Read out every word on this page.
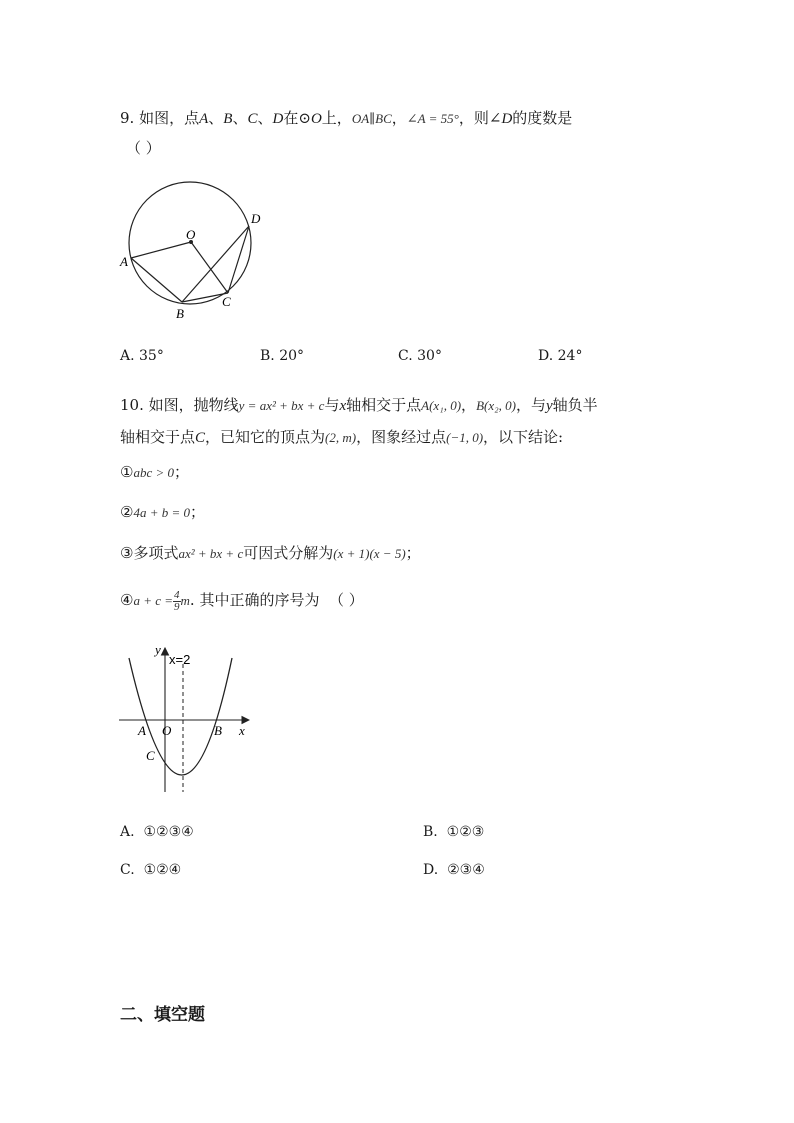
9. 如图，点A、B、C、D在⊙O上，OA∥BC，∠A = 55°，则∠D的度数是
（ ）
O
A
B
C
D
A. 35°	B. 20°	C. 30°	D. 24°
10. 如图，抛物线y = ax² + bx + c与x轴相交于点A(x₁, 0)，B(x₂, 0)，与y轴负半
轴相交于点C，已知它的顶点为(2, m)，图象经过点(−1, 0)，以下结论:
①abc > 0；
②4a + b = 0；
③多项式ax² + bx + c可因式分解为(x + 1)(x − 5)；
④a + $c = \frac{4}{9} m$. 其中正确的序号为 （ ）
y
x
x=2
A O	B
C
A. ①②③④	B. ①②③
C. ①②④	D. ②③④
二、填空题
